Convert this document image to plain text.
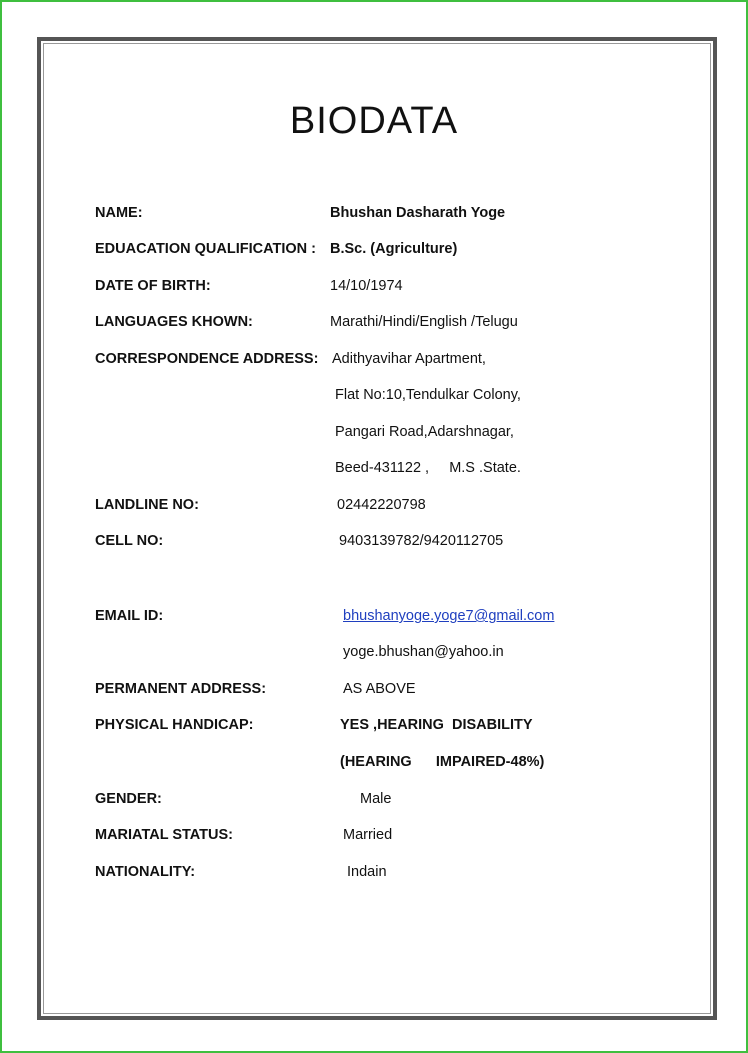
BIODATA
NAME:	Bhushan Dasharath Yoge
EDUACATION QUALIFICATION : B.Sc. (Agriculture)
DATE OF BIRTH:	14/10/1974
LANGUAGES KHOWN:	Marathi/Hindi/English /Telugu
CORRESPONDENCE ADDRESS: Adithyavihar Apartment,
Flat No:10,Tendulkar Colony,
Pangari Road,Adarshnagar,
Beed-431122 ,     M.S .State.
LANDLINE NO:	02442220798
CELL NO:	9403139782/9420112705
EMAIL ID:	bhushanyoge.yoge7@gmail.com
yoge.bhushan@yahoo.in
PERMANENT ADDRESS:	AS ABOVE
PHYSICAL HANDICAP:	YES ,HEARING  DISABILITY
(HEARING      IMPAIRED-48%)
GENDER:	Male
MARIATAL STATUS:	Married
NATIONALITY:	Indain
